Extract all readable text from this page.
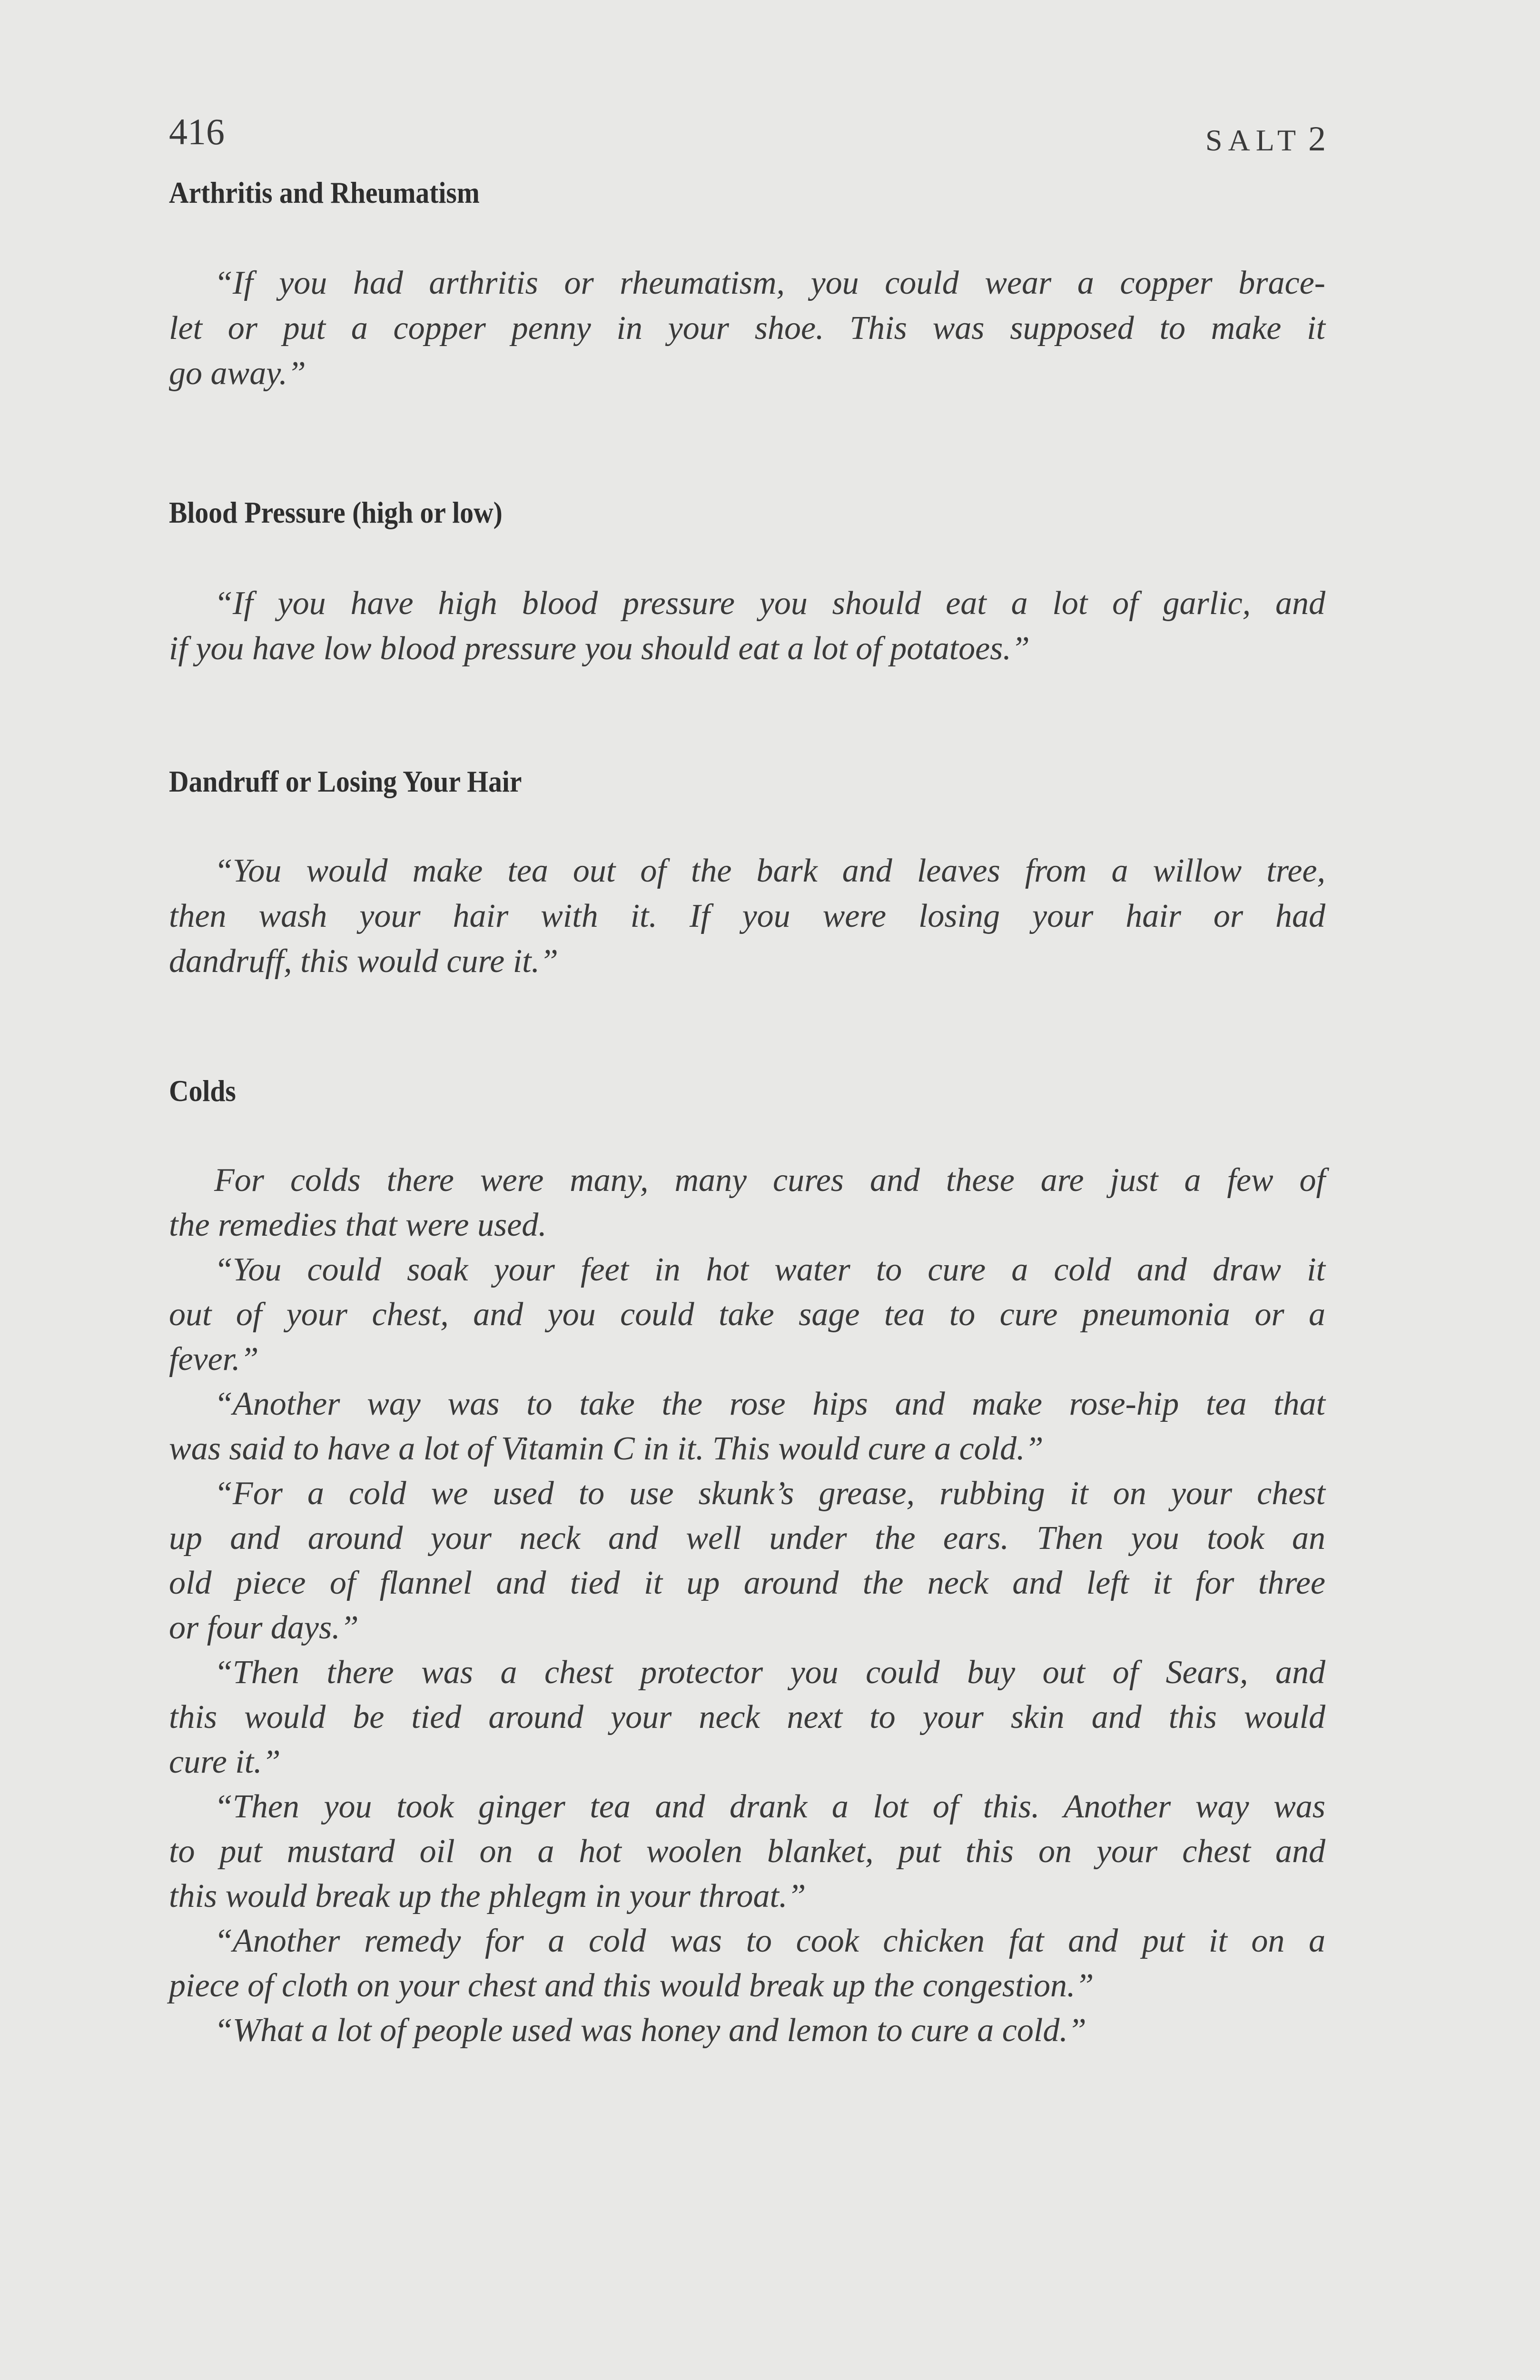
416	SALT 2
Arthritis and Rheumatism
“If you had arthritis or rheumatism, you could wear a copper brace-
let or put a copper penny in your shoe. This was supposed to make it
go away.”
Blood Pressure (high or low)
“If you have high blood pressure you should eat a lot of garlic, and
if you have low blood pressure you should eat a lot of potatoes.”
Dandruff or Losing Your Hair
“You would make tea out of the bark and leaves from a willow tree,
then wash your hair with it. If you were losing your hair or had
dandruff, this would cure it.”
Colds
For colds there were many, many cures and these are just a few of
the remedies that were used.
“You could soak your feet in hot water to cure a cold and draw it
out of your chest, and you could take sage tea to cure pneumonia or a
fever.”
“Another way was to take the rose hips and make rose-hip tea that
was said to have a lot of Vitamin C in it. This would cure a cold.”
“For a cold we used to use skunk’s grease, rubbing it on your chest
up and around your neck and well under the ears. Then you took an
old piece of flannel and tied it up around the neck and left it for three
or four days.”
“Then there was a chest protector you could buy out of Sears, and
this would be tied around your neck next to your skin and this would
cure it.”
“Then you took ginger tea and drank a lot of this. Another way was
to put mustard oil on a hot woolen blanket, put this on your chest and
this would break up the phlegm in your throat.”
“Another remedy for a cold was to cook chicken fat and put it on a
piece of cloth on your chest and this would break up the congestion.”
“What a lot of people used was honey and lemon to cure a cold.”
